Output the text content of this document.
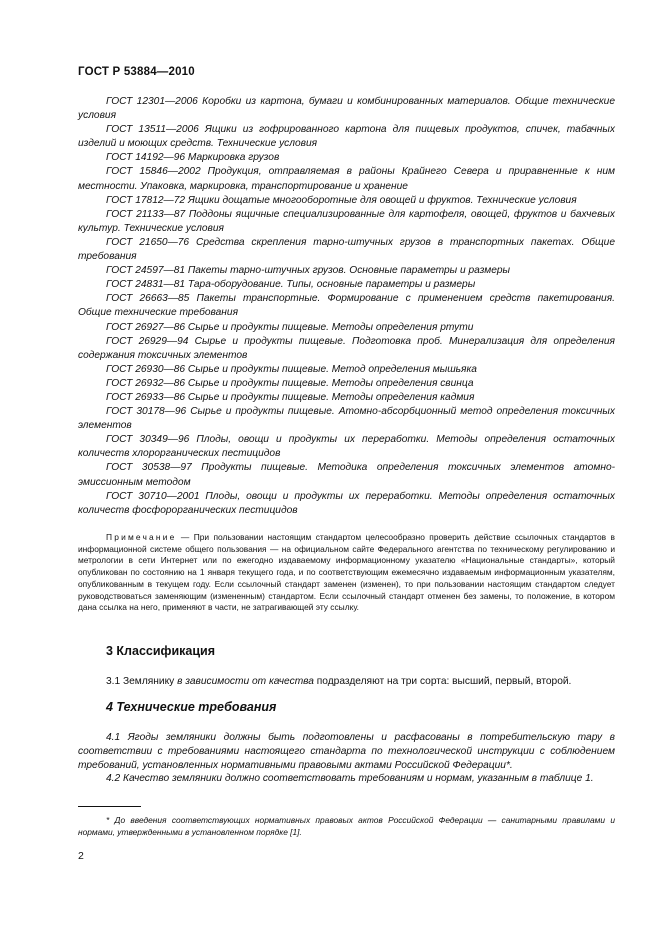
ГОСТ Р 53884—2010

ГОСТ 12301—2006 Коробки из картона, бумаги и комбинированных материалов. Общие технические условия

ГОСТ 13511—2006 Ящики из гофрированного картона для пищевых продуктов, спичек, табачных изделий и моющих средств. Технические условия

ГОСТ 14192—96 Маркировка грузов

ГОСТ 15846—2002 Продукция, отправляемая в районы Крайнего Севера и приравненные к ним местности. Упаковка, маркировка, транспортирование и хранение

ГОСТ 17812—72 Ящики дощатые многооборотные для овощей и фруктов. Технические условия

ГОСТ 21133—87 Поддоны ящичные специализированные для картофеля, овощей, фруктов и бахчевых культур. Технические условия

ГОСТ 21650—76 Средства скрепления тарно-штучных грузов в транспортных пакетах. Общие требования

ГОСТ 24597—81 Пакеты тарно-штучных грузов. Основные параметры и размеры

ГОСТ 24831—81 Тара-оборудование. Типы, основные параметры и размеры

ГОСТ 26663—85 Пакеты транспортные. Формирование с применением средств пакетирования. Общие технические требования

ГОСТ 26927—86 Сырье и продукты пищевые. Методы определения ртути

ГОСТ 26929—94 Сырье и продукты пищевые. Подготовка проб. Минерализация для определения содержания токсичных элементов

ГОСТ 26930—86 Сырье и продукты пищевые. Метод определения мышьяка

ГОСТ 26932—86 Сырье и продукты пищевые. Методы определения свинца

ГОСТ 26933—86 Сырье и продукты пищевые. Методы определения кадмия

ГОСТ 30178—96 Сырье и продукты пищевые. Атомно-абсорбционный метод определения токсичных элементов

ГОСТ 30349—96 Плоды, овощи и продукты их переработки. Методы определения остаточных количеств хлорорганических пестицидов

ГОСТ 30538—97 Продукты пищевые. Методика определения токсичных элементов атомно-эмиссионным методом

ГОСТ 30710—2001 Плоды, овощи и продукты их переработки. Методы определения остаточных количеств фосфорорганических пестицидов

Примечание — При пользовании настоящим стандартом целесообразно проверить действие ссылочных стандартов в информационной системе общего пользования — на официальном сайте Федерального агентства по техническому регулированию и метрологии в сети Интернет или по ежегодно издаваемому информационному указателю «Национальные стандарты», который опубликован по состоянию на 1 января текущего года, и по соответствующим ежемесячно издаваемым информационным указателям, опубликованным в текущем году. Если ссылочный стандарт заменен (изменен), то при пользовании настоящим стандартом следует руководствоваться заменяющим (измененным) стандартом. Если ссылочный стандарт отменен без замены, то положение, в котором дана ссылка на него, применяют в части, не затрагивающей эту ссылку.

3 Классификация

3.1 Землянику в зависимости от качества подразделяют на три сорта: высший, первый, второй.

4 Технические требования

4.1 Ягоды земляники должны быть подготовлены и расфасованы в потребительскую тару в соответствии с требованиями настоящего стандарта по технологической инструкции с соблюдением требований, установленных нормативными правовыми актами Российской Федерации*.

4.2 Качество земляники должно соответствовать требованиям и нормам, указанным в таблице 1.

* До введения соответствующих нормативных правовых актов Российской Федерации — санитарными правилами и нормами, утвержденными в установленном порядке [1].

2
